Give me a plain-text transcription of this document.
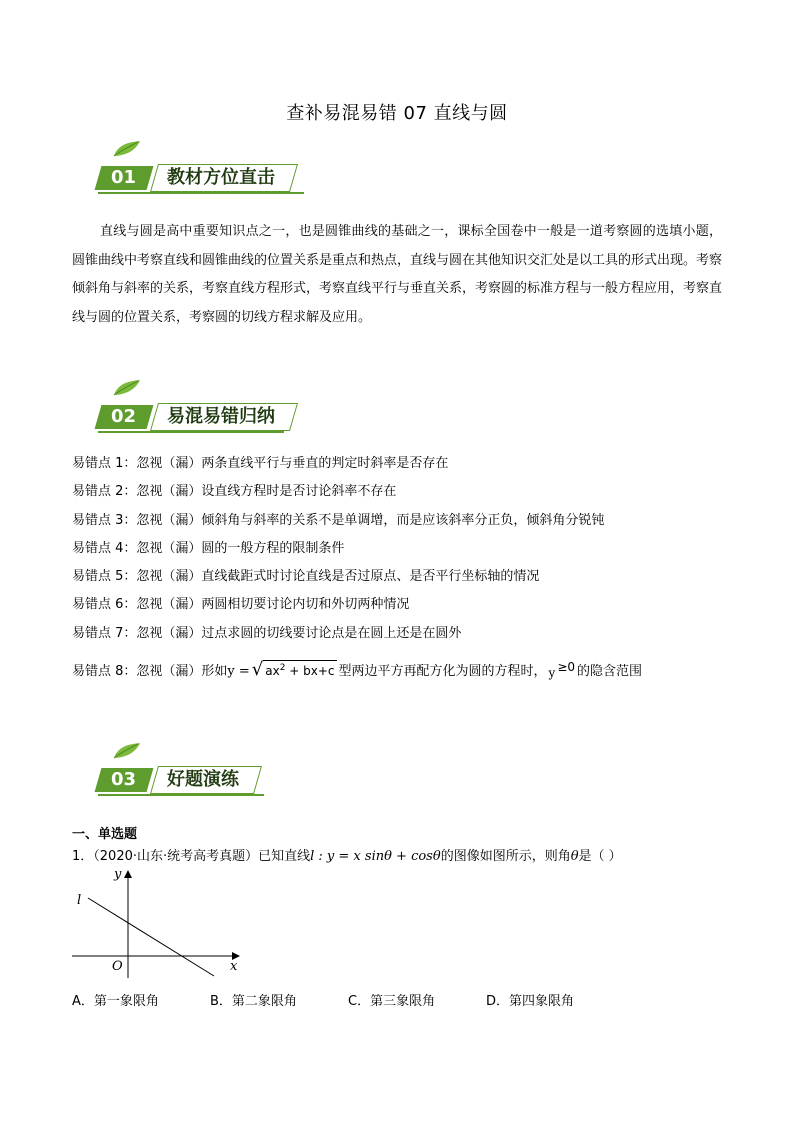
查补易混易错 07 直线与圆
01	教材方位直击
直线与圆是高中重要知识点之一，也是圆锥曲线的基础之一，课标全国卷中一般是一道考察圆的选填小题，圆锥曲线中考察直线和圆锥曲线的位置关系是重点和热点，直线与圆在其他知识交汇处是以工具的形式出现。考察倾斜角与斜率的关系，考察直线方程形式，考察直线平行与垂直关系，考察圆的标准方程与一般方程应用，考察直线与圆的位置关系，考察圆的切线方程求解及应用。
02	易混易错归纳
易错点 1：忽视（漏）两条直线平行与垂直的判定时斜率是否存在
易错点 2：忽视（漏）设直线方程时是否讨论斜率不存在
易错点 3：忽视（漏）倾斜角与斜率的关系不是单调增，而是应该斜率分正负，倾斜角分锐钝
易错点 4：忽视（漏）圆的一般方程的限制条件
易错点 5：忽视（漏）直线截距式时讨论直线是否过原点、是否平行坐标轴的情况
易错点 6：忽视（漏）两圆相切要讨论内切和外切两种情况
易错点 7：忽视（漏）过点求圆的切线要讨论点是在圆上还是在圆外
易错点 8：忽视（漏）形如 y = √ $ax^2 + bx+c$ 型两边平方再配方化为圆的方程时， y ≥0 的隐含范围
03	好题演练
一、单选题
1．（2020·山东·统考高考真题）已知直线l : y = x sinθ + cosθ的图像如图所示，则角θ是（ ）
y
x
O
l
A．第一象限角	B．第二象限角	C．第三象限角	D．第四象限角
